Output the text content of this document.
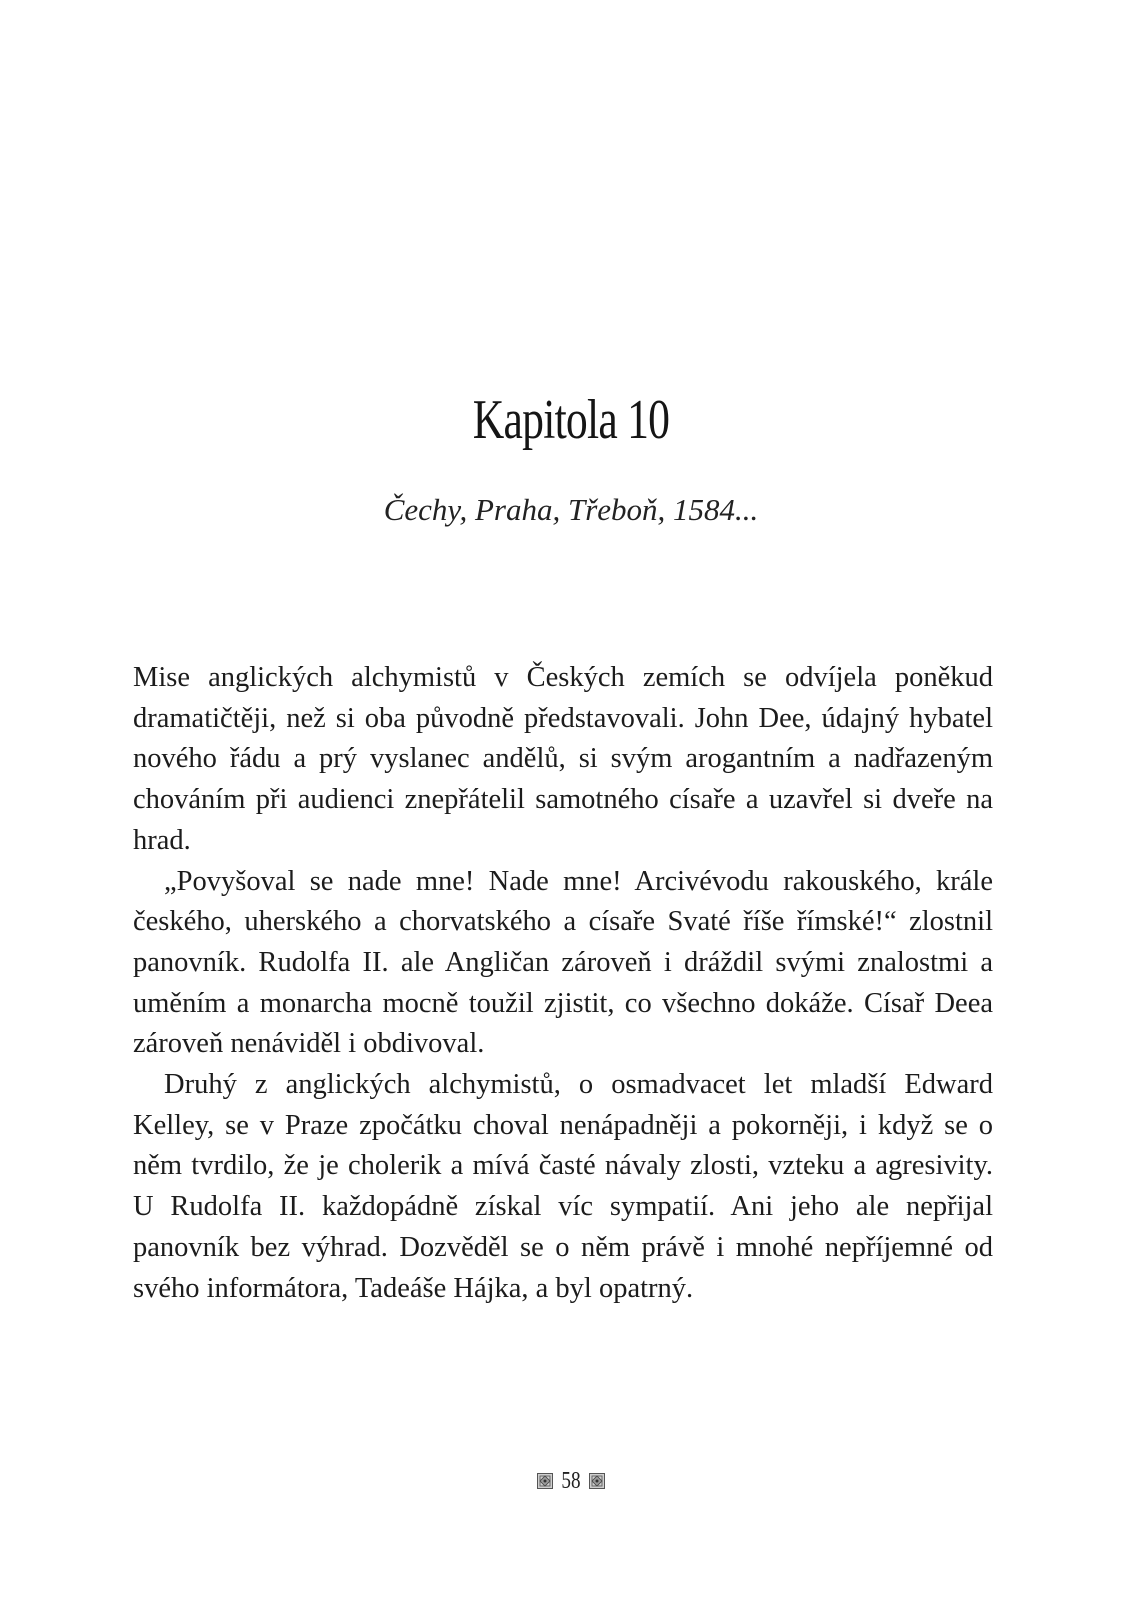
Kapitola 10
Čechy, Praha, Třeboň, 1584...

Mise anglických alchymistů v Českých zemích se odvíjela poněkud dramatičtěji, než si oba původně představovali. John Dee, údajný hybatel nového řádu a prý vyslanec andělů, si svým arogantním a nadřazeným chováním při audienci znepřátelil samotného císaře a uzavřel si dveře na hrad.

„Povyšoval se nade mne! Nade mne! Arcivévodu rakouského, krále českého, uherského a chorvatského a císaře Svaté říše římské!“ zlostnil panovník. Rudolfa II. ale Angličan zároveň i dráždil svými znalostmi a uměním a monarcha mocně toužil zjistit, co všechno dokáže. Císař Deea zároveň nenáviděl i obdivoval.

Druhý z anglických alchymistů, o osmadvacet let mladší Edward Kelley, se v Praze zpočátku choval nenápadněji a pokorněji, i když se o něm tvrdilo, že je cholerik a mívá časté návaly zlosti, vzteku a agresivity. U Rudolfa II. každopádně získal víc sympatií. Ani jeho ale nepřijal panovník bez výhrad. Dozvěděl se o něm právě i mnohé nepříjemné od svého informátora, Tadeáše Hájka, a byl opatrný.

58
